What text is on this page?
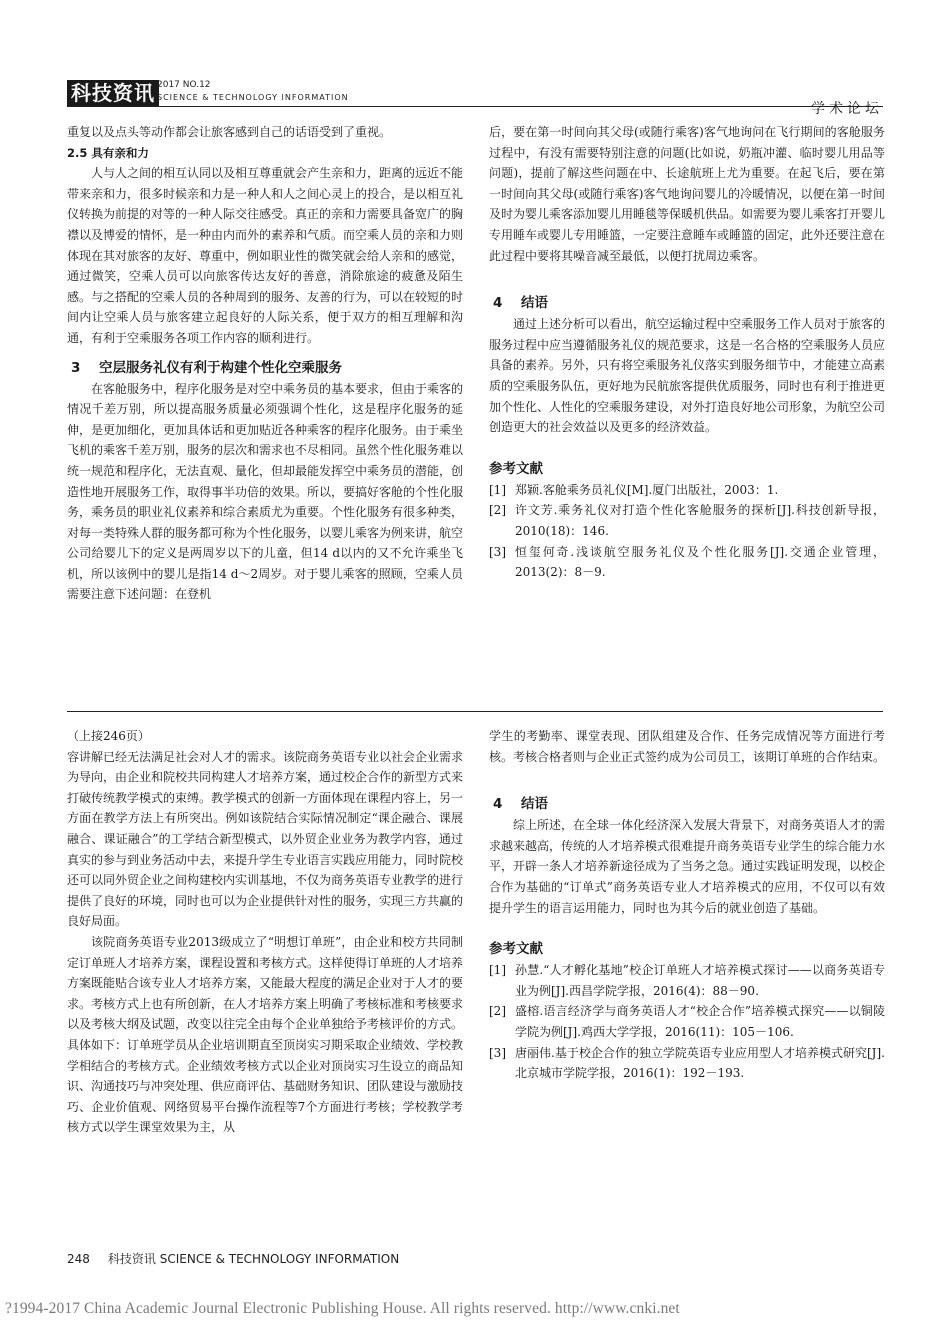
科技资讯 2017 NO.12
SCIENCE & TECHNOLOGY INFORMATION
学术论坛

重复以及点头等动作都会让旅客感到自己的话语受到了重视。

2.5 具有亲和力

人与人之间的相互认同以及相互尊重就会产生亲和力，距离的远近不能带来亲和力，很多时候亲和力是一种人和人之间心灵上的投合，是以相互礼仪转换为前提的对等的一种人际交往感受。真正的亲和力需要具备宽广的胸襟以及博爱的情怀，是一种由内而外的素养和气质。而空乘人员的亲和力则体现在其对旅客的友好、尊重中，例如职业性的微笑就会给人亲和的感觉，通过微笑，空乘人员可以向旅客传达友好的善意，消除旅途的疲惫及陌生感。与之搭配的空乘人员的各种周到的服务、友善的行为，可以在较短的时间内让空乘人员与旅客建立起良好的人际关系，便于双方的相互理解和沟通，有利于空乘服务各项工作内容的顺利进行。

3 空层服务礼仪有利于构建个性化空乘服务

在客舱服务中，程序化服务是对空中乘务员的基本要求，但由于乘客的情况千差万别，所以提高服务质量必须强调个性化，这是程序化服务的延伸，是更加细化，更加具体话和更加贴近各种乘客的程序化服务。由于乘坐飞机的乘客千差万别，服务的层次和需求也不尽相同。虽然个性化服务难以统一规范和程序化，无法直观、量化，但却最能发挥空中乘务员的潜能，创造性地开展服务工作，取得事半功倍的效果。所以，要搞好客舱的个性化服务，乘务员的职业礼仪素养和综合素质尤为重要。个性化服务有很多种类，对每一类特殊人群的服务都可称为个性化服务，以婴儿乘客为例来讲，航空公司给婴儿下的定义是两周岁以下的儿童，但14 d以内的又不允许乘坐飞机，所以该例中的婴儿是指14 d～2周岁。对于婴儿乘客的照顾，空乘人员需要注意下述问题：在登机

后，要在第一时间向其父母(或随行乘客)客气地询问在飞行期间的客舱服务过程中，有没有需要特别注意的问题(比如说，奶瓶冲灌、临时婴儿用品等问题)，提前了解这些问题在中、长途航班上尤为重要。在起飞后，要在第一时间向其父母(或随行乘客)客气地询问婴儿的冷暖情况，以便在第一时间及时为婴儿乘客添加婴儿用睡毯等保暖机供品。如需要为婴儿乘客打开婴儿专用睡车或婴儿专用睡篮，一定要注意睡车或睡篮的固定，此外还要注意在此过程中要将其噪音减至最低，以便打扰周边乘客。

4 结语

通过上述分析可以看出，航空运输过程中空乘服务工作人员对于旅客的服务过程中应当遵循服务礼仪的规范要求，这是一名合格的空乘服务人员应具备的素养。另外，只有将空乘服务礼仪落实到服务细节中，才能建立高素质的空乘服务队伍，更好地为民航旅客提供优质服务，同时也有利于推进更加个性化、人性化的空乘服务建设，对外打造良好地公司形象，为航空公司创造更大的社会效益以及更多的经济效益。

参考文献
[1] 郑颖.客舱乘务员礼仪[M].厦门出版社，2003：1.
[2] 许文芳.乘务礼仪对打造个性化客舱服务的探析[J].科技创新导报，2010(18)：146.
[3] 恒玺何奇.浅谈航空服务礼仪及个性化服务[J].交通企业管理，2013(2)：8－9.

（上接246页）

容讲解已经无法满足社会对人才的需求。该院商务英语专业以社会企业需求为导向，由企业和院校共同构建人才培养方案，通过校企合作的新型方式来打破传统教学模式的束缚。教学模式的创新一方面体现在课程内容上，另一方面在教学方法上有所突出。例如该院结合实际情况制定“课企融合、课展融合、课证融合”的工学结合新型模式，以外贸企业业务为教学内容，通过真实的参与到业务活动中去，来提升学生专业语言实践应用能力，同时院校还可以同外贸企业之间构建校内实训基地，不仅为商务英语专业教学的进行提供了良好的环境，同时也可以为企业提供针对性的服务，实现三方共赢的良好局面。

该院商务英语专业2013级成立了“明想订单班”，由企业和校方共同制定订单班人才培养方案，课程设置和考核方式。这样使得订单班的人才培养方案既能贴合该专业人才培养方案，又能最大程度的满足企业对于人才的要求。考核方式上也有所创新，在人才培养方案上明确了考核标准和考核要求以及考核大纲及试题，改变以往完全由每个企业单独给予考核评价的方式。具体如下：订单班学员从企业培训期直至顶岗实习期采取企业绩效、学校教学相结合的考核方式。企业绩效考核方式以企业对顶岗实习生设立的商品知识、沟通技巧与冲突处理、供应商评估、基础财务知识、团队建设与激励技巧、企业价值观、网络贸易平台操作流程等7个方面进行考核；学校教学考核方式以学生课堂效果为主，从

学生的考勤率、课堂表现、团队组建及合作、任务完成情况等方面进行考核。考核合格者则与企业正式签约成为公司员工，该期订单班的合作结束。

4 结语

综上所述，在全球一体化经济深入发展大背景下，对商务英语人才的需求越来越高，传统的人才培养模式很难提升商务英语专业学生的综合能力水平，开辟一条人才培养新途径成为了当务之急。通过实践证明发现，以校企合作为基础的“订单式”商务英语专业人才培养模式的应用，不仅可以有效提升学生的语言运用能力，同时也为其今后的就业创造了基础。

参考文献
[1] 孙慧.“人才孵化基地”校企订单班人才培养模式探讨——以商务英语专业为例[J].西昌学院学报，2016(4)：88－90.
[2] 盛榕.语言经济学与商务英语人才“校企合作”培养模式探究——以铜陵学院为例[J].鸡西大学学报，2016(11)：105－106.
[3] 唐丽伟.基于校企合作的独立学院英语专业应用型人才培养模式研究[J].北京城市学院学报，2016(1)：192－193.
248 科技资讯 SCIENCE & TECHNOLOGY INFORMATION
?1994-2017 China Academic Journal Electronic Publishing House. All rights reserved. http://www.cnki.net
